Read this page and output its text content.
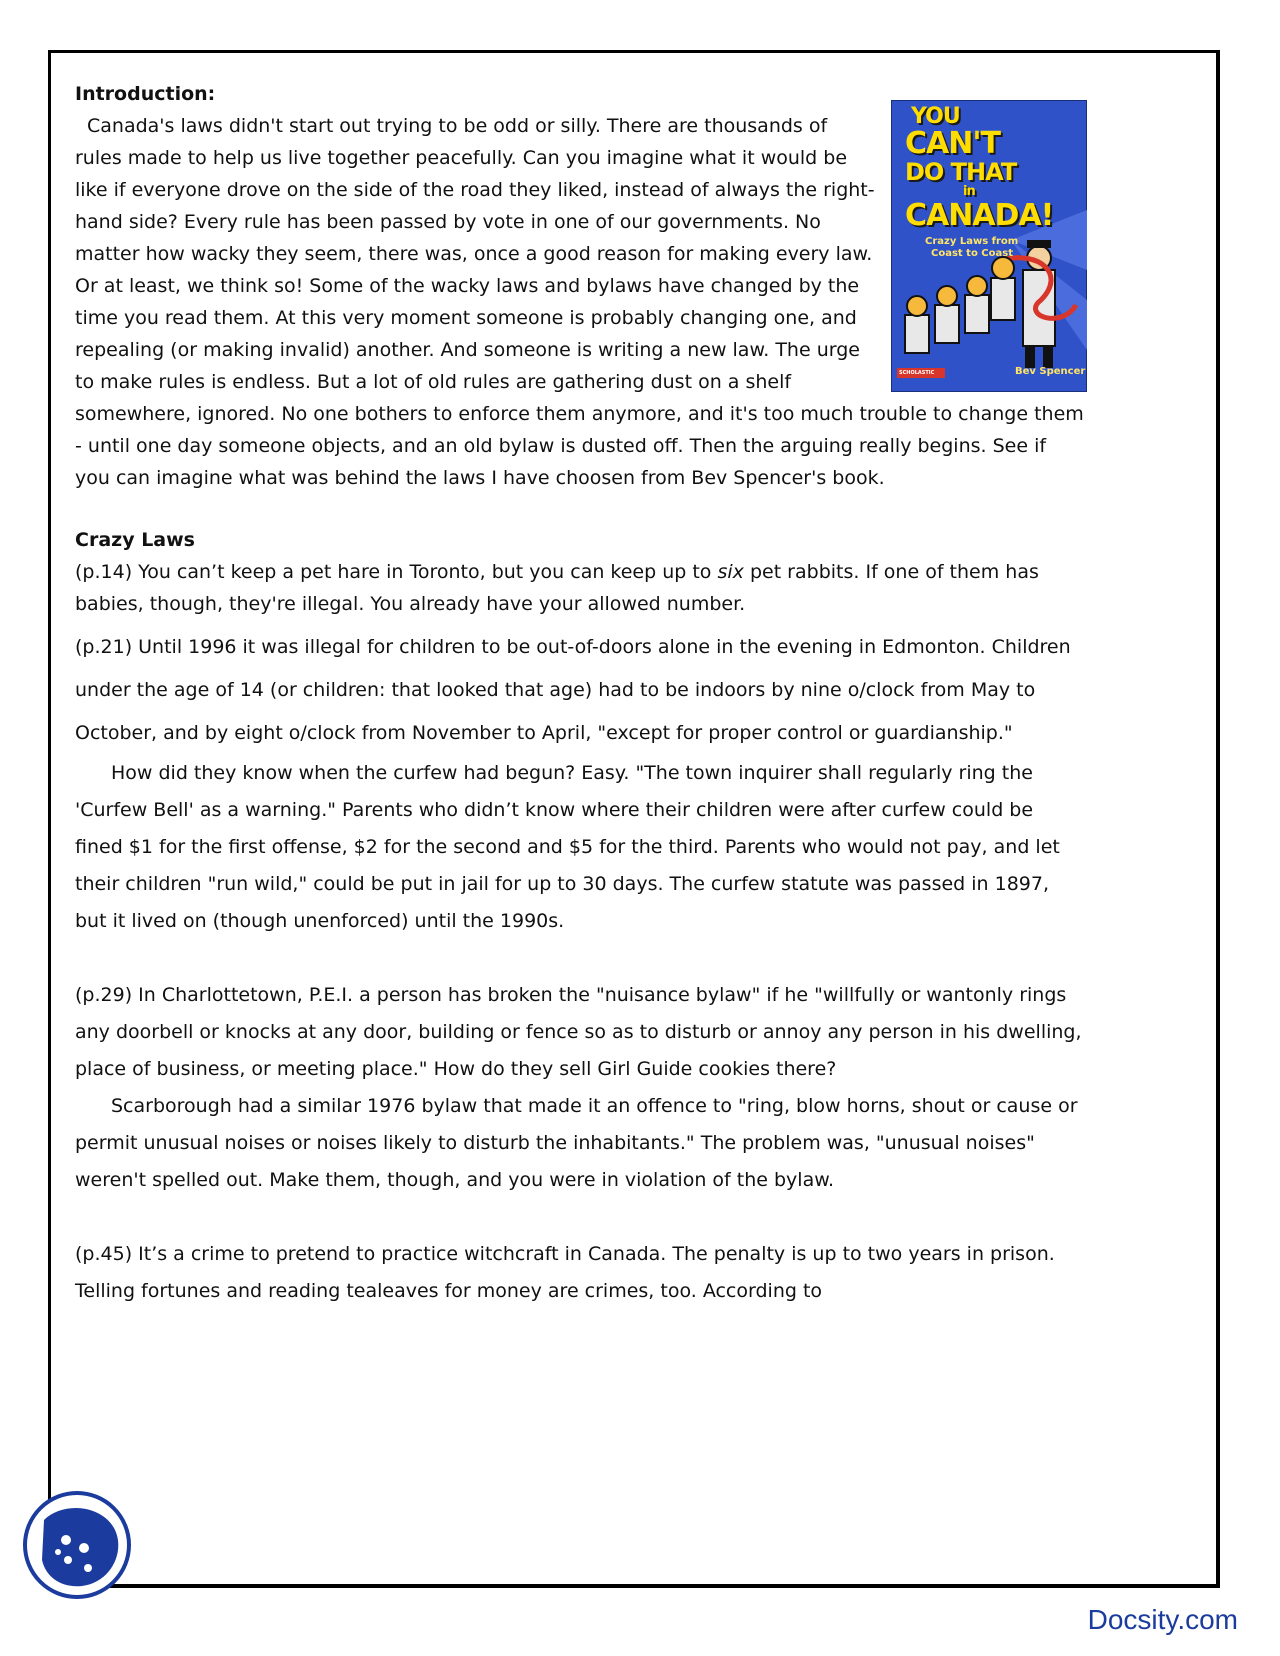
YOU
CAN'T
DO THAT
in
CANADA!
Crazy Laws from
Coast to Coast
Bev Spencer
SCHOLASTIC
Introduction:

Canada's laws didn't start out trying to be odd or silly. There are thousands of rules made to help us live together peacefully. Can you imagine what it would be like if everyone drove on the side of the road they liked, instead of always the right-hand side? Every rule has been passed by vote in one of our governments. No matter how wacky they seem, there was, once a good reason for making every law. Or at least, we think so! Some of the wacky laws and bylaws have changed by the time you read them. At this very moment someone is probably changing one, and repealing (or making invalid) another. And someone is writing a new law. The urge to make rules is endless. But a lot of old rules are gathering dust on a shelf somewhere, ignored. No one bothers to enforce them anymore, and it's too much trouble to change them - until one day someone objects, and an old bylaw is dusted off. Then the arguing really begins. See if you can imagine what was behind the laws I have choosen from Bev Spencer's book.

Crazy Laws

(p.14) You can’t keep a pet hare in Toronto, but you can keep up to six pet rabbits. If one of them has babies, though, they're illegal. You already have your allowed number.

(p.21) Until 1996 it was illegal for children to be out-of-doors alone in the evening in Edmonton. Children under the age of 14 (or children: that looked that age) had to be indoors by nine o/clock from May to October, and by eight o/clock from November to April, "except for proper control or guardianship."

How did they know when the curfew had begun? Easy. "The town inquirer shall regularly ring the 'Curfew Bell' as a warning." Parents who didn’t know where their children were after curfew could be fined $1 for the first offense, $2 for the second and $5 for the third. Parents who would not pay, and let their children "run wild," could be put in jail for up to 30 days. The curfew statute was passed in 1897, but it lived on (though unenforced) until the 1990s.

(p.29) In Charlottetown, P.E.I. a person has broken the "nuisance bylaw" if he "willfully or wantonly rings any doorbell or knocks at any door, building or fence so as to disturb or annoy any person in his dwelling, place of business, or meeting place." How do they sell Girl Guide cookies there?

Scarborough had a similar 1976 bylaw that made it an offence to "ring, blow horns, shout or cause or permit unusual noises or noises likely to disturb the inhabitants." The problem was, "unusual noises" weren't spelled out. Make them, though, and you were in violation of the bylaw.

(p.45) It’s a crime to pretend to practice witchcraft in Canada. The penalty is up to two years in prison. Telling fortunes and reading tealeaves for money are crimes, too. According to

Docsity.com
